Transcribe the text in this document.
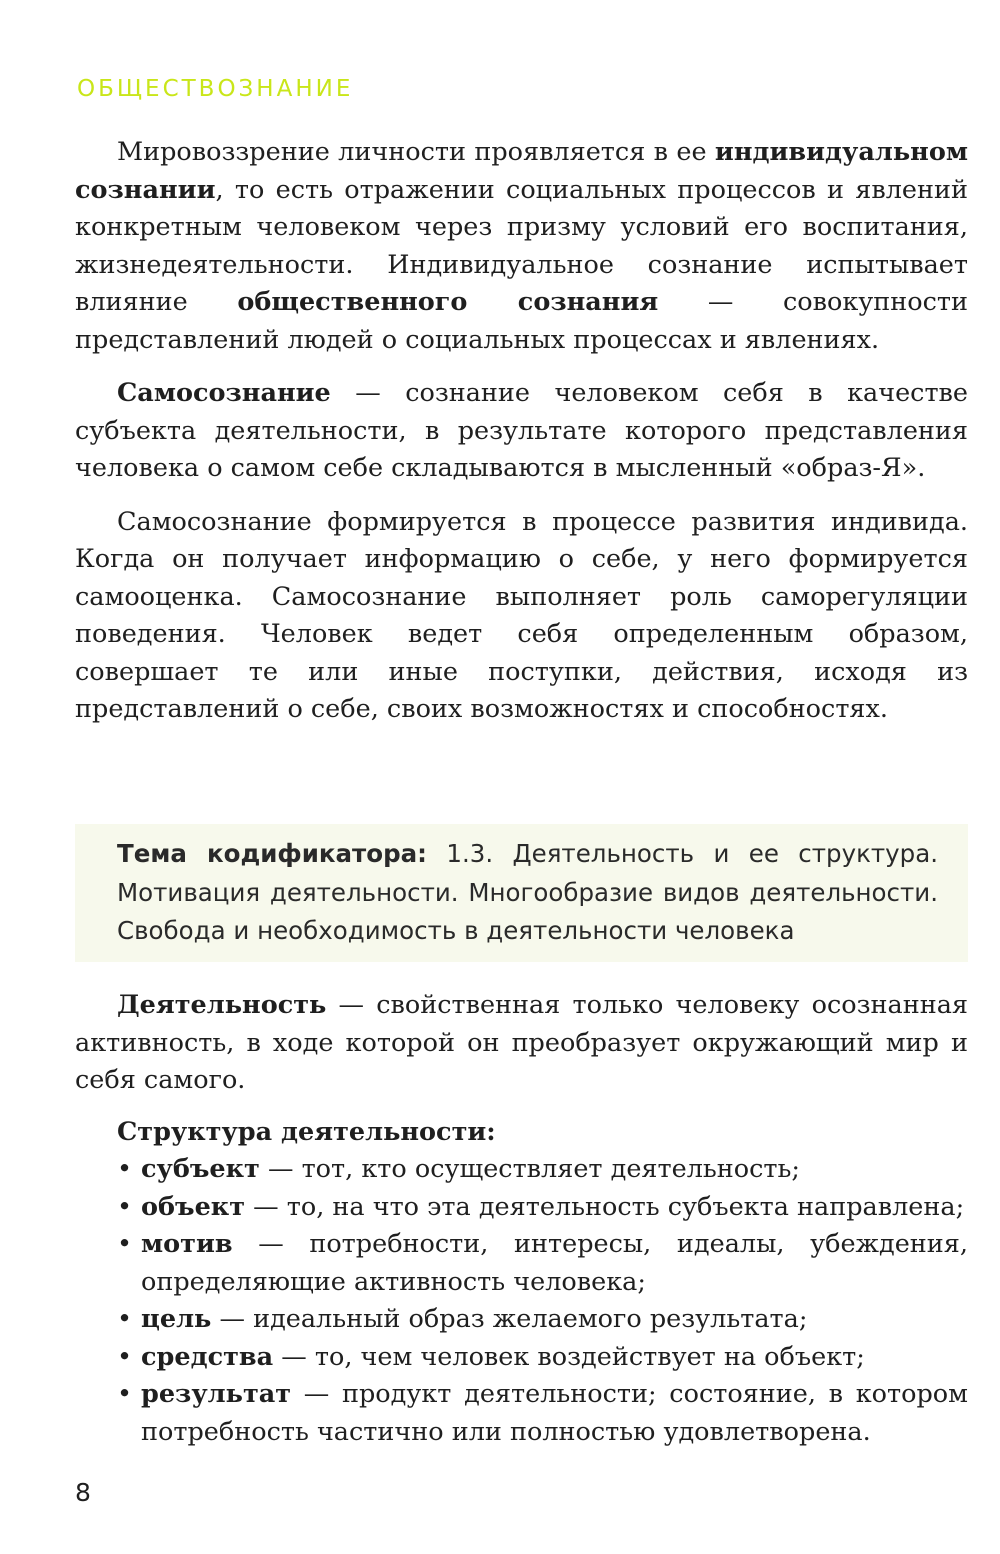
ОБЩЕСТВОЗНАНИЕ

Мировоззрение личности проявляется в ее индивидуальном сознании, то есть отражении социальных процессов и явлений конкретным человеком через призму условий его воспитания, жизнедеятельности. Индивидуальное сознание испытывает влияние общественного сознания — совокупности представлений людей о социальных процессах и явлениях.

Самосознание — сознание человеком себя в качестве субъекта деятельности, в результате которого представления человека о самом себе складываются в мысленный «образ-Я».

Самосознание формируется в процессе развития индивида. Когда он получает информацию о себе, у него формируется самооценка. Самосознание выполняет роль саморегуляции поведения. Человек ведет себя определенным образом, совершает те или иные поступки, действия, исходя из представлений о себе, своих возможностях и способностях.

Тема кодификатора: 1.3. Деятельность и ее структура. Мотивация деятельности. Многообразие видов деятельности. Свобода и необходимость в деятельности человека

Деятельность — свойственная только человеку осознанная активность, в ходе которой он преобразует окружающий мир и себя самого.

Структура деятельности:
• субъект — тот, кто осуществляет деятельность;
• объект — то, на что эта деятельность субъекта направлена;
• мотив — потребности, интересы, идеалы, убеждения, определяющие активность человека;
• цель — идеальный образ желаемого результата;
• средства — то, чем человек воздействует на объект;
• результат — продукт деятельности; состояние, в котором потребность частично или полностью удовлетворена.
8
